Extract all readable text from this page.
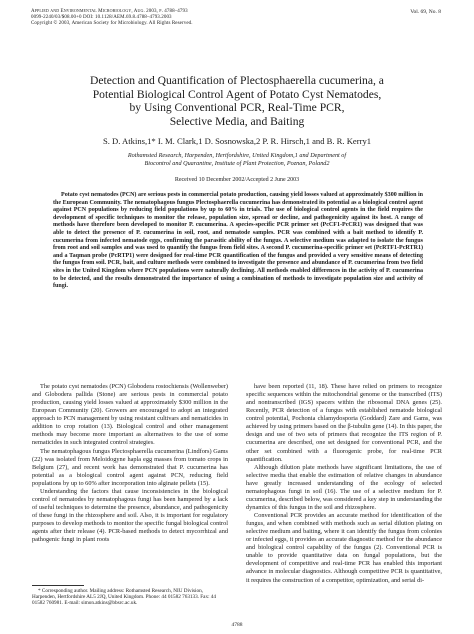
Applied and Environmental Microbiology, Aug. 2003, p. 4788–4793
0099-2240/03/$08.00+0 DOI: 10.1128/AEM.69.8.4788–4793.2003
Copyright © 2003, American Society for Microbiology. All Rights Reserved.
Vol. 69, No. 8
Detection and Quantification of Plectosphaerella cucumerina, a
Potential Biological Control Agent of Potato Cyst Nematodes,
by Using Conventional PCR, Real-Time PCR,
Selective Media, and Baiting
S. D. Atkins,1* I. M. Clark,1 D. Sosnowska,2 P. R. Hirsch,1 and B. R. Kerry1
Rothamsted Research, Harpenden, Hertfordshire, United Kingdom,1 and Department of
Biocontrol and Quarantine, Institute of Plant Protection, Poznan, Poland2
Received 10 December 2002/Accepted 2 June 2003

Potato cyst nematodes (PCN) are serious pests in commercial potato production, causing yield losses valued at approximately $300 million in the European Community. The nematophagous fungus Plectosphaerella cucumerina has demonstrated its potential as a biological control agent against PCN populations by reducing field populations by up to 60% in trials. The use of biological control agents in the field requires the development of specific techniques to monitor the release, population size, spread or decline, and pathogenicity against its host. A range of methods have therefore been developed to monitor P. cucumerina. A species-specific PCR primer set (PcCF1-PcCR1) was designed that was able to detect the presence of P. cucumerina in soil, root, and nematode samples. PCR was combined with a bait method to identify P. cucumerina from infected nematode eggs, confirming the parasitic ability of the fungus. A selective medium was adapted to isolate the fungus from root and soil samples and was used to quantify the fungus from field sites. A second P. cucumerina-specific primer set (PcRTF1-PcRTR1) and a Taqman probe (PcRTP1) were designed for real-time PCR quantification of the fungus and provided a very sensitive means of detecting the fungus from soil. PCR, bait, and culture methods were combined to investigate the presence and abundance of P. cucumerina from two field sites in the United Kingdom where PCN populations were naturally declining. All methods enabled differences in the activity of P. cucumerina to be detected, and the results demonstrated the importance of using a combination of methods to investigate population size and activity of fungi.

The potato cyst nematodes (PCN) Globodera rostochiensis (Wollenweber) and Globodera pallida (Stone) are serious pests in commercial potato production, causing yield losses valued at approximately $300 million in the European Community (20). Growers are encouraged to adopt an integrated approach to PCN management by using resistant cultivars and nematicides in addition to crop rotation (13). Biological control and other management methods may become more important as alternatives to the use of some nematicides in such integrated control strategies.

The nematophagous fungus Plectosphaerella cucumerina (Lindfors) Gams (22) was isolated from Meloidogyne hapla egg masses from tomato crops in Belgium (27), and recent work has demonstrated that P. cucumerina has potential as a biological control agent against PCN, reducing field populations by up to 60% after incorporation into alginate pellets (15).

Understanding the factors that cause inconsistencies in the biological control of nematodes by nematophagous fungi has been hampered by a lack of useful techniques to determine the presence, abundance, and pathogenicity of these fungi in the rhizosphere and soil. Also, it is important for regulatory purposes to develop methods to monitor the specific fungal biological control agents after their release (4). PCR-based methods to detect mycorrhizal and pathogenic fungi in plant roots

have been reported (11, 18). These have relied on primers to recognize specific sequences within the mitochondrial genome or the transcribed (ITS) and nontranscribed (IGS) spacers within the ribosomal DNA genes (25). Recently, PCR detection of a fungus with established nematode biological control potential, Pochonia chlamydosporia (Goddard) Zare and Gams, was achieved by using primers based on the β-tubulin gene (14). In this paper, the design and use of two sets of primers that recognize the ITS region of P. cucumerina are described, one set designed for conventional PCR, and the other set combined with a fluorogenic probe, for real-time PCR quantification.

Although dilution plate methods have significant limitations, the use of selective media that enable the estimation of relative changes in abundance have greatly increased understanding of the ecology of selected nematophagous fungi in soil (16). The use of a selective medium for P. cucumerina, described below, was considered a key step in understanding the dynamics of this fungus in the soil and rhizosphere.

Conventional PCR provides an accurate method for identification of the fungus, and when combined with methods such as serial dilution plating on selective medium and baiting, where it can identify the fungus from colonies or infected eggs, it provides an accurate diagnostic method for the abundance and biological control capability of the fungus (2). Conventional PCR is unable to provide quantitative data on fungal populations, but the development of competitive and real-time PCR has enabled this important advance in molecular diagnostics. Although competitive PCR is quantitative, it requires the construction of a competitor, optimization, and serial di-

* Corresponding author. Mailing address: Rothamsted Research, NIU Division, Harpenden, Hertfordshire AL5 2JQ, United Kingdom. Phone: 44 01582 763133. Fax: 44 01582 760981. E-mail: simon.atkins@bbsrc.ac.uk.

4788
